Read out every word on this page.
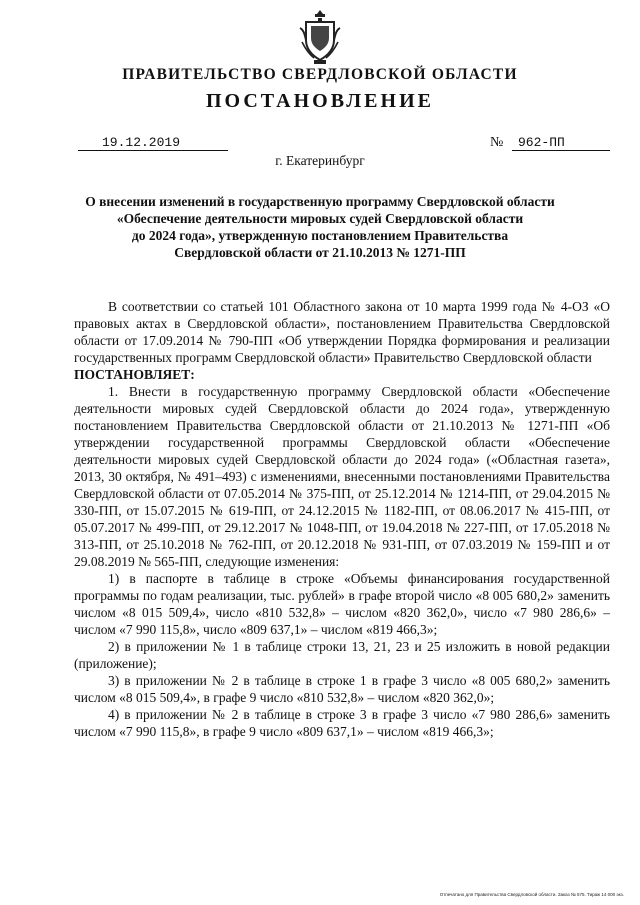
ПРАВИТЕЛЬСТВО СВЕРДЛОВСКОЙ ОБЛАСТИ
ПОСТАНОВЛЕНИЕ
19.12.2019	№	962-ПП
г. Екатеринбург
О внесении изменений в государственную программу Свердловской области
«Обеспечение деятельности мировых судей Свердловской области
до 2024 года», утвержденную постановлением Правительства
Свердловской области от 21.10.2013 № 1271-ПП

В соответствии со статьей 101 Областного закона от 10 марта 1999 года № 4-ОЗ «О правовых актах в Свердловской области», постановлением Правительства Свердловской области от 17.09.2014 № 790-ПП «Об утверждении Порядка формирования и реализации государственных программ Свердловской области» Правительство Свердловской области

ПОСТАНОВЛЯЕТ:

1. Внести в государственную программу Свердловской области «Обеспечение деятельности мировых судей Свердловской области до 2024 года», утвержденную постановлением Правительства Свердловской области от 21.10.2013 № 1271-ПП «Об утверждении государственной программы Свердловской области «Обеспечение деятельности мировых судей Свердловской области до 2024 года» («Областная газета», 2013, 30 октября, № 491–493) с изменениями, внесенными постановлениями Правительства Свердловской области от 07.05.2014 № 375-ПП, от 25.12.2014 № 1214-ПП, от 29.04.2015 № 330-ПП, от 15.07.2015 № 619-ПП, от 24.12.2015 № 1182-ПП, от 08.06.2017 № 415-ПП, от 05.07.2017 № 499-ПП, от 29.12.2017 № 1048-ПП, от 19.04.2018 № 227-ПП, от 17.05.2018 № 313-ПП, от 25.10.2018 № 762-ПП, от 20.12.2018 № 931-ПП, от 07.03.2019 № 159-ПП и от 29.08.2019 № 565-ПП, следующие изменения:

1) в паспорте в таблице в строке «Объемы финансирования государственной программы по годам реализации, тыс. рублей» в графе второй число «8 005 680,2» заменить числом «8 015 509,4», число «810 532,8» – числом «820 362,0», число «7 980 286,6» – числом «7 990 115,8», число «809 637,1» – числом «819 466,3»;

2) в приложении № 1 в таблице строки 13, 21, 23 и 25 изложить в новой редакции (приложение);

3) в приложении № 2 в таблице в строке 1 в графе 3 число «8 005 680,2» заменить числом «8 015 509,4», в графе 9 число «810 532,8» – числом «820 362,0»;

4) в приложении № 2 в таблице в строке 3 в графе 3 число «7 980 286,6» заменить числом «7 990 115,8», в графе 9 число «809 637,1» – числом «819 466,3»;

Отпечатано для Правительства Свердловской области. Заказ № 575. Тираж 14 000 экз.
